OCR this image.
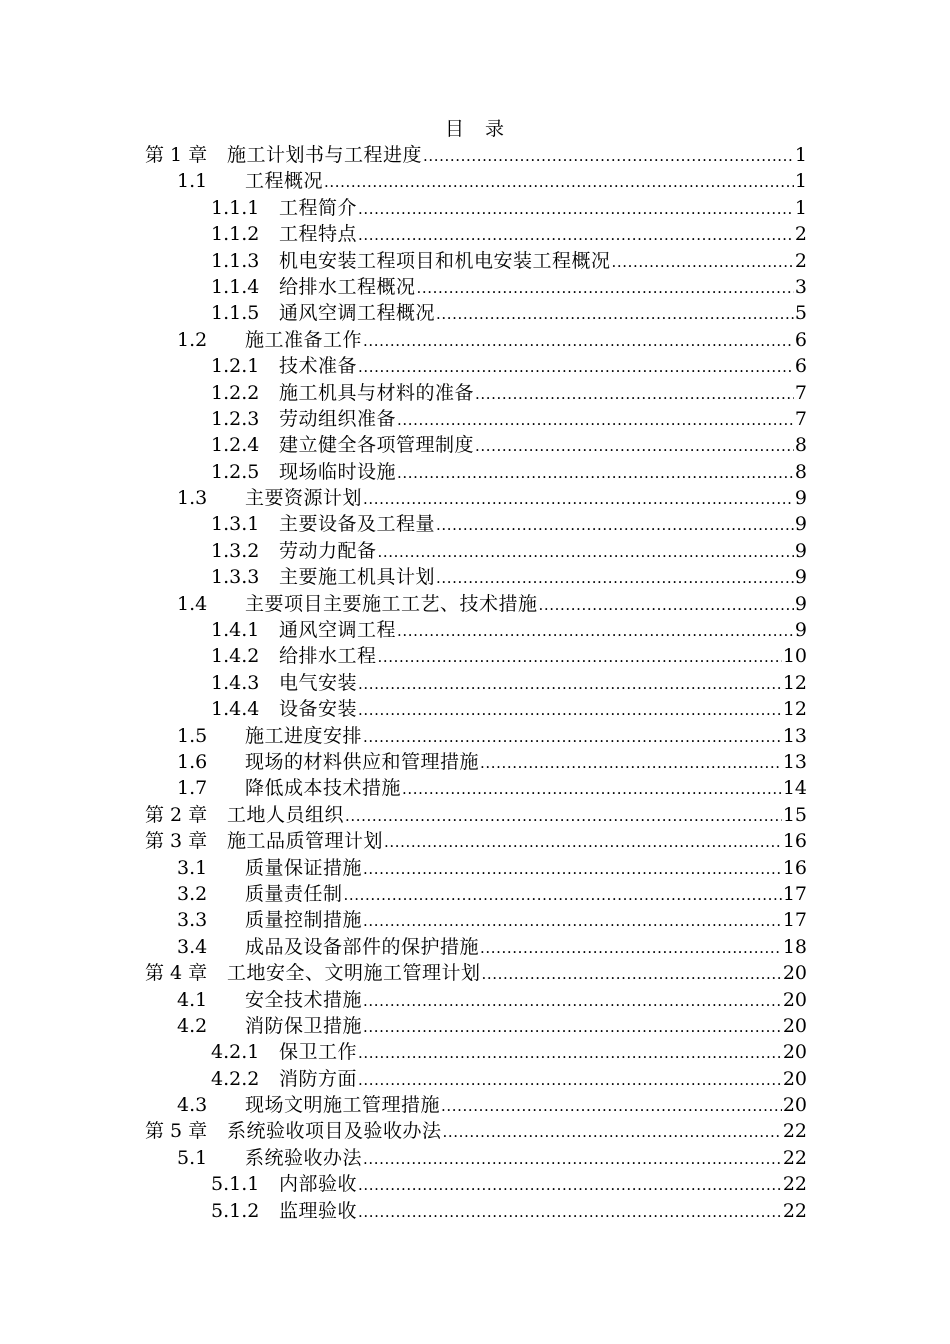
目　录
第 1 章	施工计划书与工程进度 .....	1
1.1	工程概况 .....	1
1.1.1	工程简介 .....	1
1.1.2	工程特点 .....	2
1.1.3	机电安装工程项目和机电安装工程概况 .....	2
1.1.4	给排水工程概况 .....	3
1.1.5	通风空调工程概况 .....	5
1.2	施工准备工作 .....	6
1.2.1	技术准备 .....	6
1.2.2	施工机具与材料的准备 .....	7
1.2.3	劳动组织准备 .....	7
1.2.4	建立健全各项管理制度 .....	8
1.2.5	现场临时设施 .....	8
1.3	主要资源计划 .....	9
1.3.1	主要设备及工程量 .....	9
1.3.2	劳动力配备 .....	9
1.3.3	主要施工机具计划 .....	9
1.4	主要项目主要施工工艺、技术措施 .....	9
1.4.1	通风空调工程 .....	9
1.4.2	给排水工程 .....	10
1.4.3	电气安装 .....	12
1.4.4	设备安装 .....	12
1.5	施工进度安排 .....	13
1.6	现场的材料供应和管理措施 .....	13
1.7	降低成本技术措施 .....	14
第 2 章	工地人员组织 .....	15
第 3 章	施工品质管理计划 .....	16
3.1	质量保证措施 .....	16
3.2	质量责任制 .....	17
3.3	质量控制措施 .....	17
3.4	成品及设备部件的保护措施 .....	18
第 4 章	工地安全、文明施工管理计划 .....	20
4.1	安全技术措施 .....	20
4.2	消防保卫措施 .....	20
4.2.1	保卫工作 .....	20
4.2.2	消防方面 .....	20
4.3	现场文明施工管理措施 .....	20
第 5 章	系统验收项目及验收办法 .....	22
5.1	系统验收办法 .....	22
5.1.1	内部验收 .....	22
5.1.2	监理验收 .....	22
